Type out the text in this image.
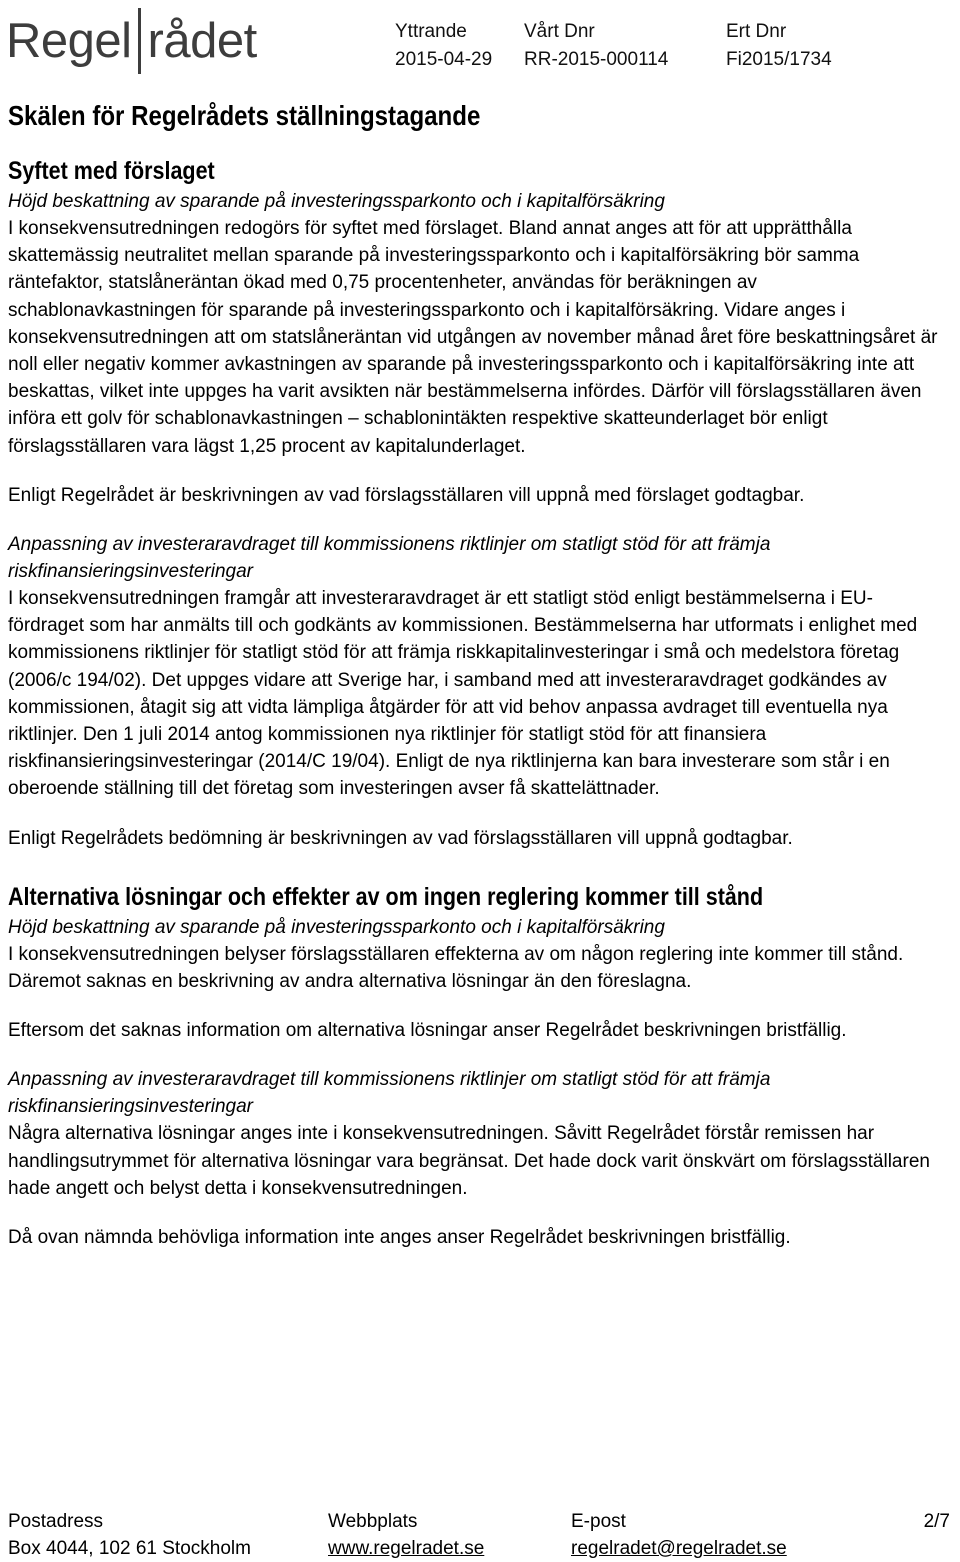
Regel rådet	Yttrande
2015-04-29
Vårt Dnr
RR-2015-000114
Ert Dnr
Fi2015/1734
Skälen för Regelrådets ställningstagande
Syftet med förslaget

Höjd beskattning av sparande på investeringssparkonto och i kapitalförsäkring

I konsekvensutredningen redogörs för syftet med förslaget. Bland annat anges att för att upprätthålla skattemässig neutralitet mellan sparande på investeringssparkonto och i kapitalförsäkring bör samma räntefaktor, statslåneräntan ökad med 0,75 procentenheter, användas för beräkningen av schablonavkastningen för sparande på investeringssparkonto och i kapitalförsäkring. Vidare anges i konsekvensutredningen att om statslåneräntan vid utgången av november månad året före beskattningsåret är noll eller negativ kommer avkastningen av sparande på investeringssparkonto och i kapitalförsäkring inte att beskattas, vilket inte uppges ha varit avsikten när bestämmelserna infördes. Därför vill förslagsställaren även införa ett golv för schablonavkastningen – schablonintäkten respektive skatteunderlaget bör enligt förslagsställaren vara lägst 1,25 procent av kapitalunderlaget.

Enligt Regelrådet är beskrivningen av vad förslagsställaren vill uppnå med förslaget godtagbar.

Anpassning av investeraravdraget till kommissionens riktlinjer om statligt stöd för att främja riskfinansieringsinvesteringar

I konsekvensutredningen framgår att investeraravdraget är ett statligt stöd enligt bestämmelserna i EU-fördraget som har anmälts till och godkänts av kommissionen. Bestämmelserna har utformats i enlighet med kommissionens riktlinjer för statligt stöd för att främja riskkapitalinvesteringar i små och medelstora företag (2006/c 194/02). Det uppges vidare att Sverige har, i samband med att investeraravdraget godkändes av kommissionen, åtagit sig att vidta lämpliga åtgärder för att vid behov anpassa avdraget till eventuella nya riktlinjer. Den 1 juli 2014 antog kommissionen nya riktlinjer för statligt stöd för att finansiera riskfinansieringsinvesteringar (2014/C 19/04). Enligt de nya riktlinjerna kan bara investerare som står i en oberoende ställning till det företag som investeringen avser få skattelättnader.

Enligt Regelrådets bedömning är beskrivningen av vad förslagsställaren vill uppnå godtagbar.

Alternativa lösningar och effekter av om ingen reglering kommer till stånd

Höjd beskattning av sparande på investeringssparkonto och i kapitalförsäkring

I konsekvensutredningen belyser förslagsställaren effekterna av om någon reglering inte kommer till stånd. Däremot saknas en beskrivning av andra alternativa lösningar än den föreslagna.

Eftersom det saknas information om alternativa lösningar anser Regelrådet beskrivningen bristfällig.

Anpassning av investeraravdraget till kommissionens riktlinjer om statligt stöd för att främja riskfinansieringsinvesteringar

Några alternativa lösningar anges inte i konsekvensutredningen. Såvitt Regelrådet förstår remissen har handlingsutrymmet för alternativa lösningar vara begränsat. Det hade dock varit önskvärt om förslagsställaren hade angett och belyst detta i konsekvensutredningen.

Då ovan nämnda behövliga information inte anges anser Regelrådet beskrivningen bristfällig.

Postadress
Box 4044, 102 61 Stockholm
Webbplats
www.regelradet.se
E-post
regelradet@regelradet.se
2/7
